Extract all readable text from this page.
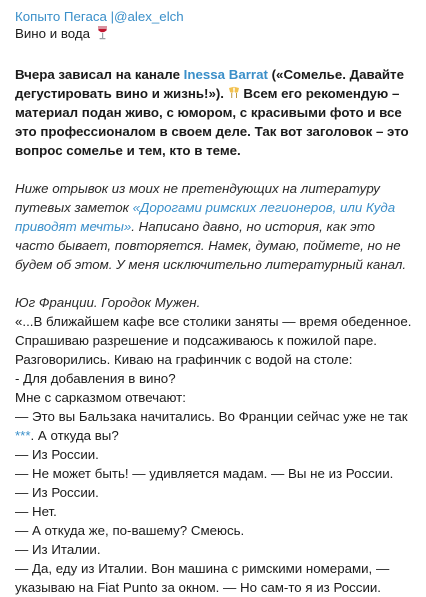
Копыто Пегаса |@alex_elch
Вино и вода

Вчера зависал на канале Inessa Barrat («Сомелье. Давайте дегустировать вино и жизнь!»).  Всем его рекомендую – материал подан живо, с юмором, с красивыми фото и все это профессионалом в своем деле. Так вот заголовок – это вопрос сомелье и тем, кто в теме.

Ниже отрывок из моих не претендующих на литературу путевых заметок «Дорогами римских легионеров, или Куда приводят мечты». Написано давно, но история, как это часто бывает, повторяется. Намек, думаю, поймете, но не будем об этом. У меня исключительно литературный канал.

Юг Франции. Городок Мужен.

«...В ближайшем кафе все столики заняты — время обеденное.
Спрашиваю разрешение и подсаживаюсь к пожилой паре.
Разговорились. Киваю на графинчик с водой на столе:
- Для добавления в вино?
Мне с сарказмом отвечают:
— Это вы Бальзака начитались. Во Франции сейчас уже не так
***. А откуда вы?
— Из России.
— Не может быть! — удивляется мадам. — Вы не из России.
— Из России.
— Нет.
— А откуда же, по-вашему? Смеюсь.
— Из Италии.
— Да, еду из Италии. Вон машина с римскими номерами, —
указываю на Fiat Punto за окном. — Но сам-то я из России.
